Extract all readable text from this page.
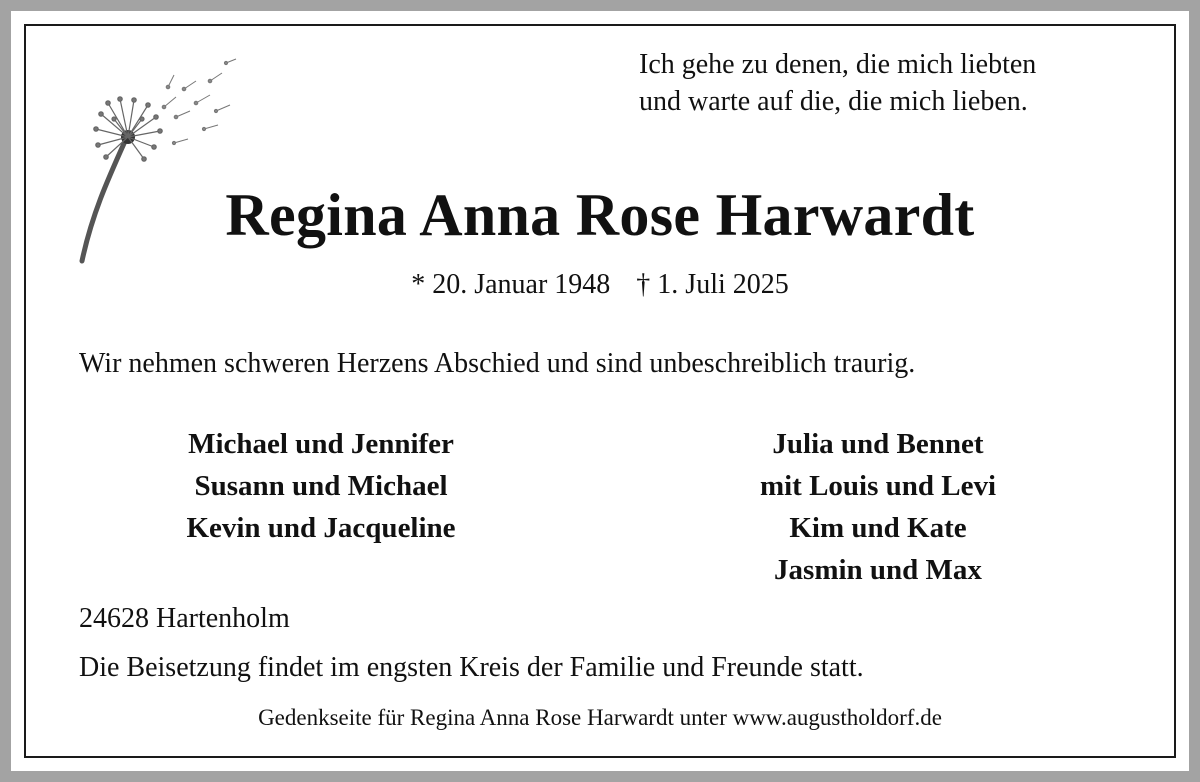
Ich gehe zu denen, die mich liebten
und warte auf die, die mich lieben.
Regina Anna Rose Harwardt
* 20. Januar 1948 † 1. Juli 2025
Wir nehmen schweren Herzens Abschied und sind unbeschreiblich traurig.
Michael und Jennifer
Susann und Michael
Kevin und Jacqueline
Julia und Bennet
mit Louis und Levi
Kim und Kate
Jasmin und Max
24628 Hartenholm
Die Beisetzung findet im engsten Kreis der Familie und Freunde statt.
Gedenkseite für Regina Anna Rose Harwardt unter www.augustholdorf.de
